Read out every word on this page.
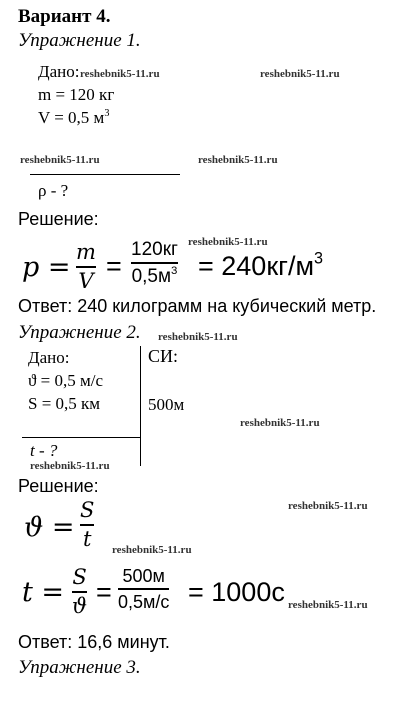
Вариант 4.
Упражнение 1.
Дано: reshebnik5-11.ru	reshebnik5-11.ru
m = 120 кг
V = 0,5 $м^3$
reshebnik5-11.ru	reshebnik5-11.ru
ρ - ?
Решение:
p = m
V =
120кг
$0,5м^3$
reshebnik5-11.ru
= $240кг/м^3$
Ответ: 240 килограмм на кубический метр.
Упражнение 2. reshebnik5-11.ru
Дано:	СИ:
ϑ = 0,5 м/с
S = 0,5 км	500м
reshebnik5-11.ru
t - ?
reshebnik5-11.ru
Решение:
reshebnik5-11.ru
ϑ =
S
t reshebnik5-11.ru
t = S
ϑ =
500м
0,5м/с = 1000с reshebnik5-11.ru
Ответ: 16,6 минут.
Упражнение 3.
